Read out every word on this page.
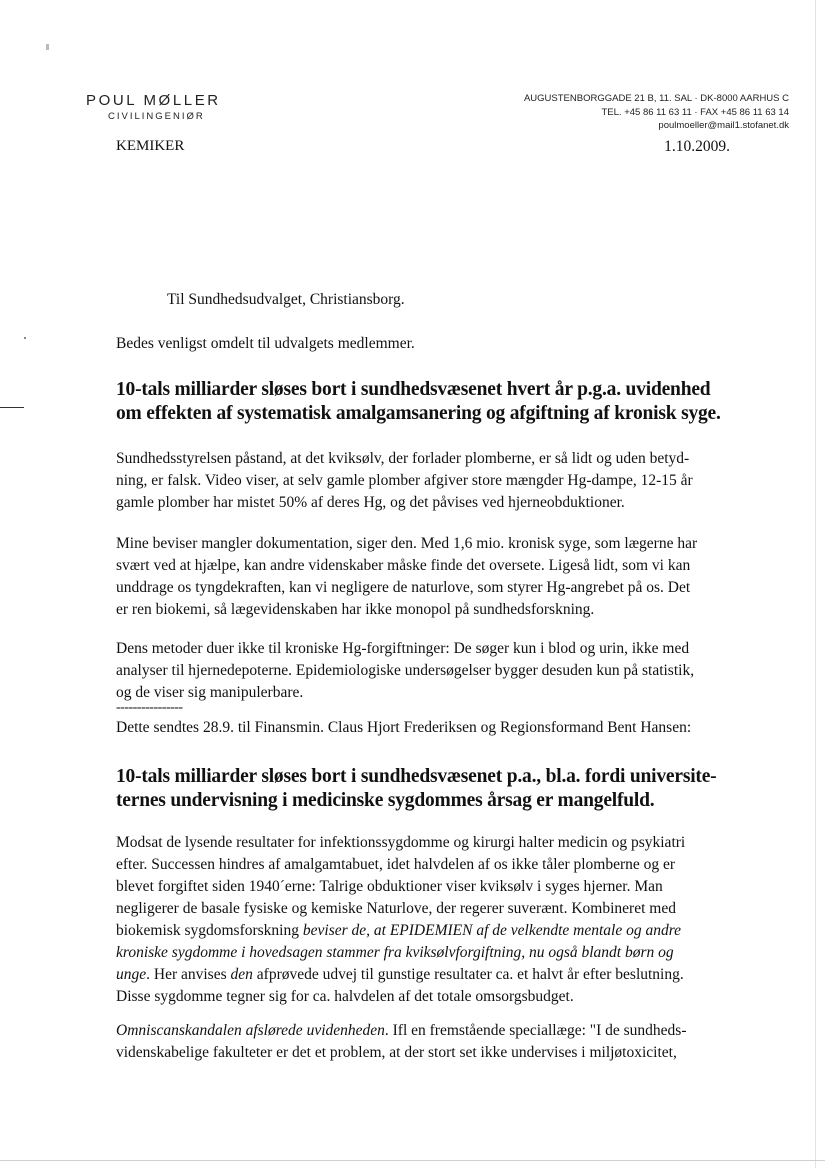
POUL MØLLER
CIVILINGENIØR
KEMIKER
AUGUSTENBORGGADE 21 B, 11. SAL · DK-8000 AARHUS C
TEL. +45 86 11 63 11 · FAX +45 86 11 63 14
poulmoeller@mail1.stofanet.dk
1.10.2009.
Til Sundhedsudvalget, Christiansborg.
Bedes venligst omdelt til udvalgets medlemmer.
10-tals milliarder sløses bort i sundhedsvæsenet hvert år p.g.a. uvidenhed
om effekten af systematisk amalgamsanering og afgiftning af kronisk syge.
Sundhedsstyrelsen påstand, at det kviksølv, der forlader plomberne, er så lidt og uden betyd-
ning, er falsk. Video viser, at selv gamle plomber afgiver store mængder Hg-dampe, 12-15 år
gamle plomber har mistet 50% af deres Hg, og det påvises ved hjerneobduktioner.
Mine beviser mangler dokumentation, siger den. Med 1,6 mio. kronisk syge, som lægerne har
svært ved at hjælpe, kan andre videnskaber måske finde det oversete. Ligeså lidt, som vi kan
unddrage os tyngdekraften, kan vi negligere de naturlove, som styrer Hg-angrebet på os. Det
er ren biokemi, så lægevidenskaben har ikke monopol på sundhedsforskning.
Dens metoder duer ikke til kroniske Hg-forgiftninger: De søger kun i blod og urin, ikke med
analyser til hjernedepoterne. Epidemiologiske undersøgelser bygger desuden kun på statistik,
og de viser sig manipulerbare.
----------------
Dette sendtes 28.9. til Finansmin. Claus Hjort Frederiksen og Regionsformand Bent Hansen:
10-tals milliarder sløses bort i sundhedsvæsenet p.a., bl.a. fordi universite-
ternes undervisning i medicinske sygdommes årsag er mangelfuld.
Modsat de lysende resultater for infektionssygdomme og kirurgi halter medicin og psykiatri
efter. Successen hindres af amalgamtabuet, idet halvdelen af os ikke tåler plomberne og er
blevet forgiftet siden 1940´erne: Talrige obduktioner viser kviksølv i syges hjerner. Man
negligerer de basale fysiske og kemiske Naturlove, der regerer suverænt. Kombineret med
biokemisk sygdomsforskning beviser de, at EPIDEMIEN af de velkendte mentale og andre
kroniske sygdomme i hovedsagen stammer fra kviksølvforgiftning, nu også blandt børn og
unge. Her anvises den afprøvede udvej til gunstige resultater ca. et halvt år efter beslutning.
Disse sygdomme tegner sig for ca. halvdelen af det totale omsorgsbudget.
Omniscanskandalen afslørede uvidenheden. Ifl en fremstående speciallæge: "I de sundheds-
videnskabelige fakulteter er det et problem, at der stort set ikke undervises i miljøtoxicitet,
